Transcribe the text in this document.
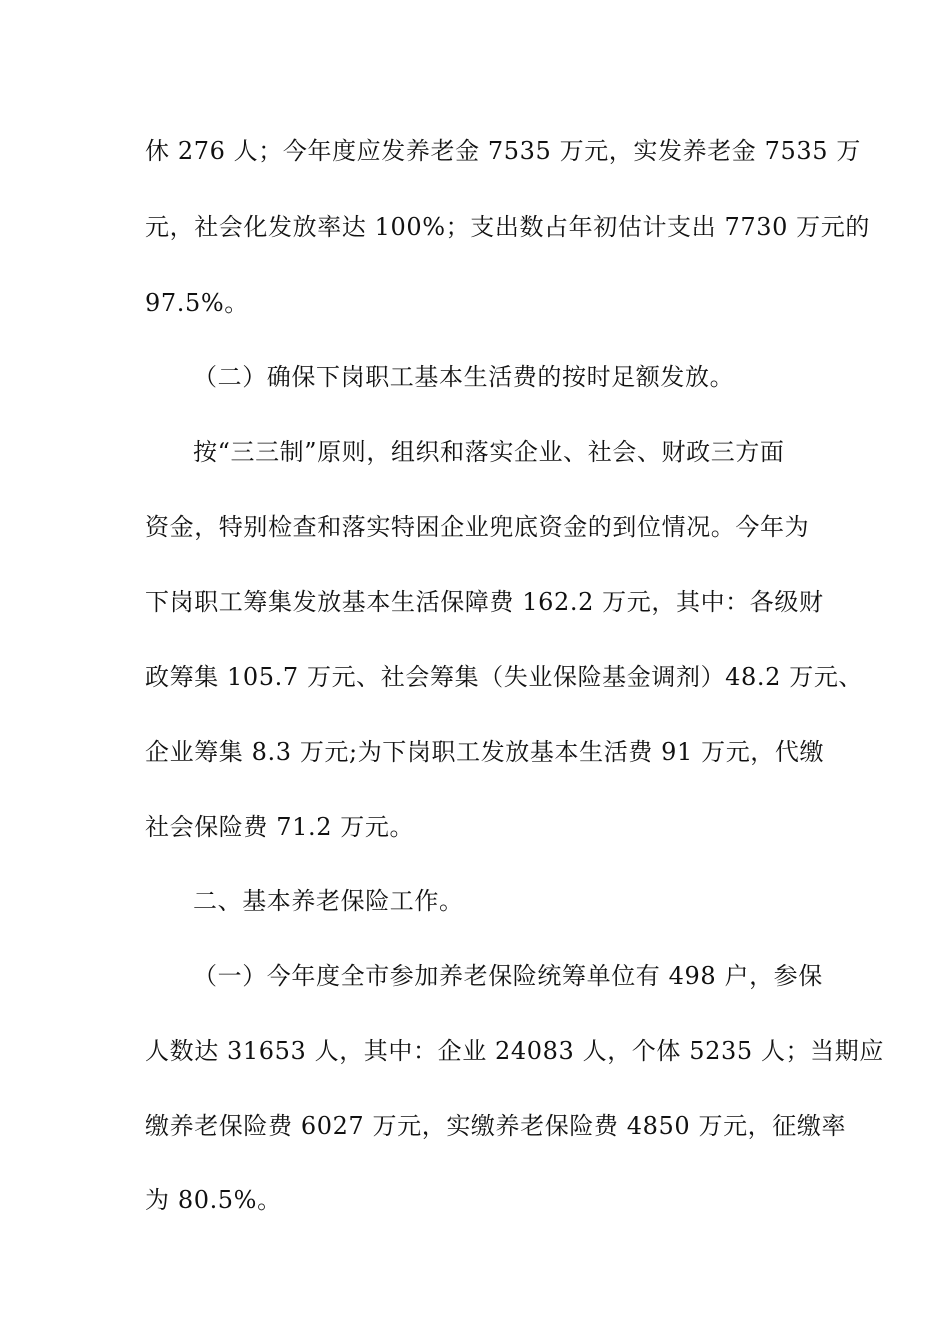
休 276 人；今年度应发养老金 7535 万元，实发养老金 7535 万
元，社会化发放率达 100%；支出数占年初估计支出 7730 万元的
97.5%。
（二）确保下岗职工基本生活费的按时足额发放。
按“三三制”原则，组织和落实企业、社会、财政三方面
资金，特别检查和落实特困企业兜底资金的到位情况。今年为
下岗职工筹集发放基本生活保障费 162.2 万元，其中：各级财
政筹集 105.7 万元、社会筹集（失业保险基金调剂）48.2 万元、
企业筹集 8.3 万元;为下岗职工发放基本生活费 91 万元，代缴
社会保险费 71.2 万元。
二、基本养老保险工作。
（一）今年度全市参加养老保险统筹单位有 498 户，参保
人数达 31653 人，其中：企业 24083 人，个体 5235 人；当期应
缴养老保险费 6027 万元，实缴养老保险费 4850 万元，征缴率
为 80.5%。
